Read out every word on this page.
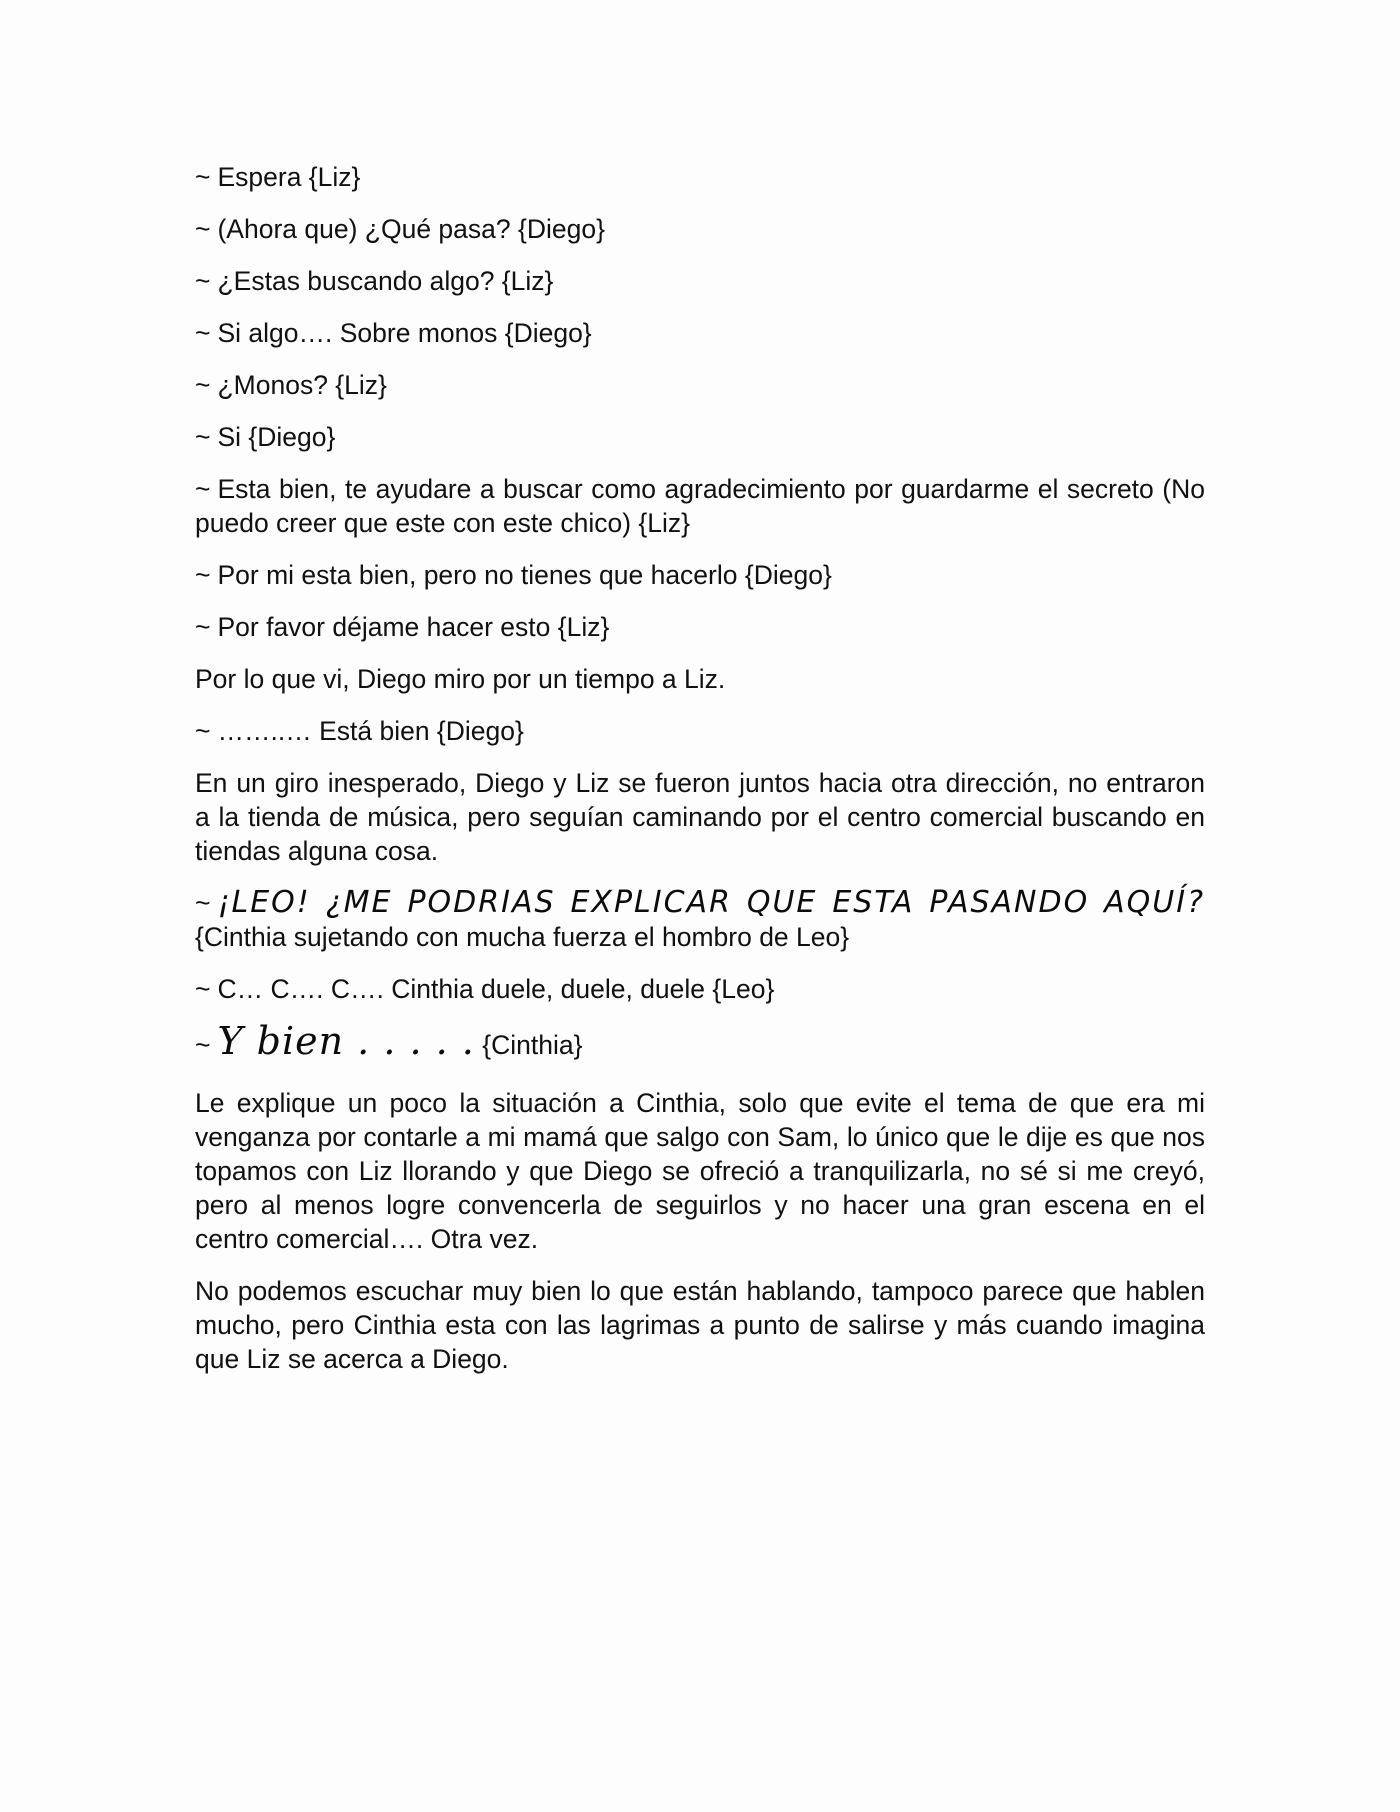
~ Espera {Liz}

~ (Ahora que) ¿Qué pasa? {Diego}

~ ¿Estas buscando algo? {Liz}

~ Si algo…. Sobre monos {Diego}

~ ¿Monos? {Liz}

~ Si {Diego}

~ Esta bien, te ayudare a buscar como agradecimiento por guardarme el secreto (No puedo creer que este con este chico) {Liz}

~ Por mi esta bien, pero no tienes que hacerlo {Diego}

~ Por favor déjame hacer esto {Liz}

Por lo que vi, Diego miro por un tiempo a Liz.

~ ……..… Está bien {Diego}

En un giro inesperado, Diego y Liz se fueron juntos hacia otra dirección, no entraron a la tienda de música, pero seguían caminando por el centro comercial buscando en tiendas alguna cosa.

~ ¡LEO! ¿ME PODRIAS EXPLICAR QUE ESTA PASANDO AQUÍ? {Cinthia sujetando con mucha fuerza el hombro de Leo}

~ C… C…. C…. Cinthia duele, duele, duele {Leo}

~ Y bien . . . . . {Cinthia}

Le explique un poco la situación a Cinthia, solo que evite el tema de que era mi venganza por contarle a mi mamá que salgo con Sam, lo único que le dije es que nos topamos con Liz llorando y que Diego se ofreció a tranquilizarla, no sé si me creyó, pero al menos logre convencerla de seguirlos y no hacer una gran escena en el centro comercial…. Otra vez.

No podemos escuchar muy bien lo que están hablando, tampoco parece que hablen mucho, pero Cinthia esta con las lagrimas a punto de salirse y más cuando imagina que Liz se acerca a Diego.
